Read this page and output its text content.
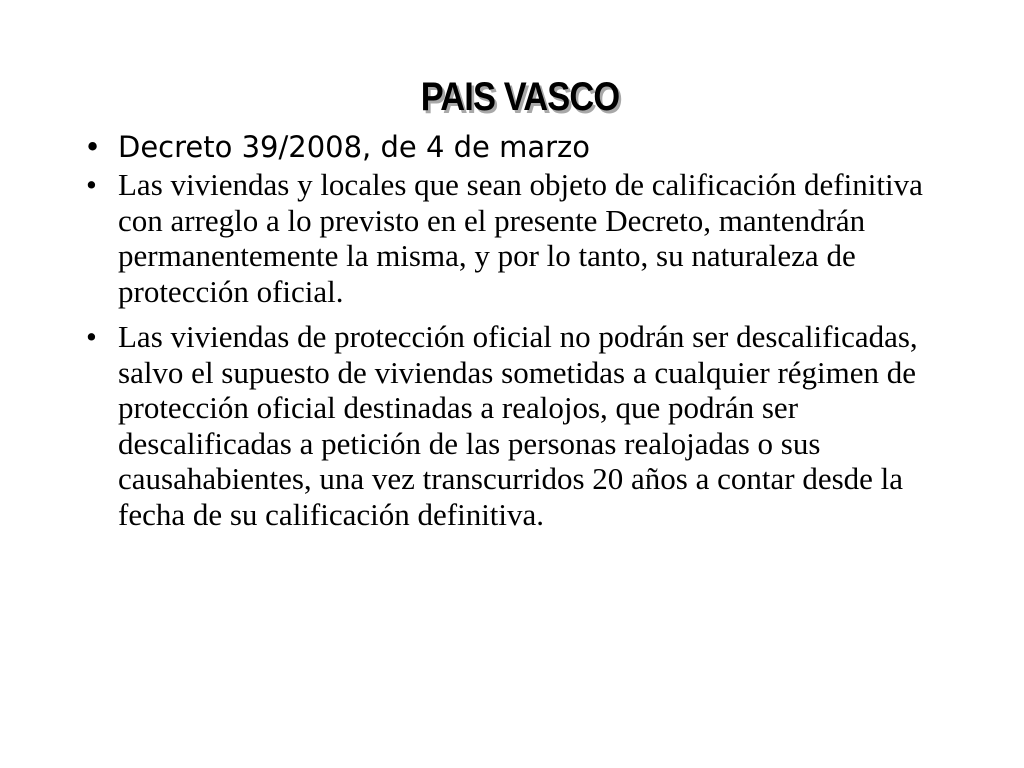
PAIS VASCO
• Decreto 39/2008, de 4 de marzo
• Las viviendas y locales que sean objeto de calificación definitiva con arreglo a lo previsto en el presente Decreto, mantendrán permanentemente la misma, y por lo tanto, su naturaleza de protección oficial.
• Las viviendas de protección oficial no podrán ser descalificadas, salvo el supuesto de viviendas sometidas a cualquier régimen de protección oficial destinadas a realojos, que podrán ser descalificadas a petición de las personas realojadas o sus causahabientes, una vez transcurridos 20 años a contar desde la fecha de su calificación definitiva.
